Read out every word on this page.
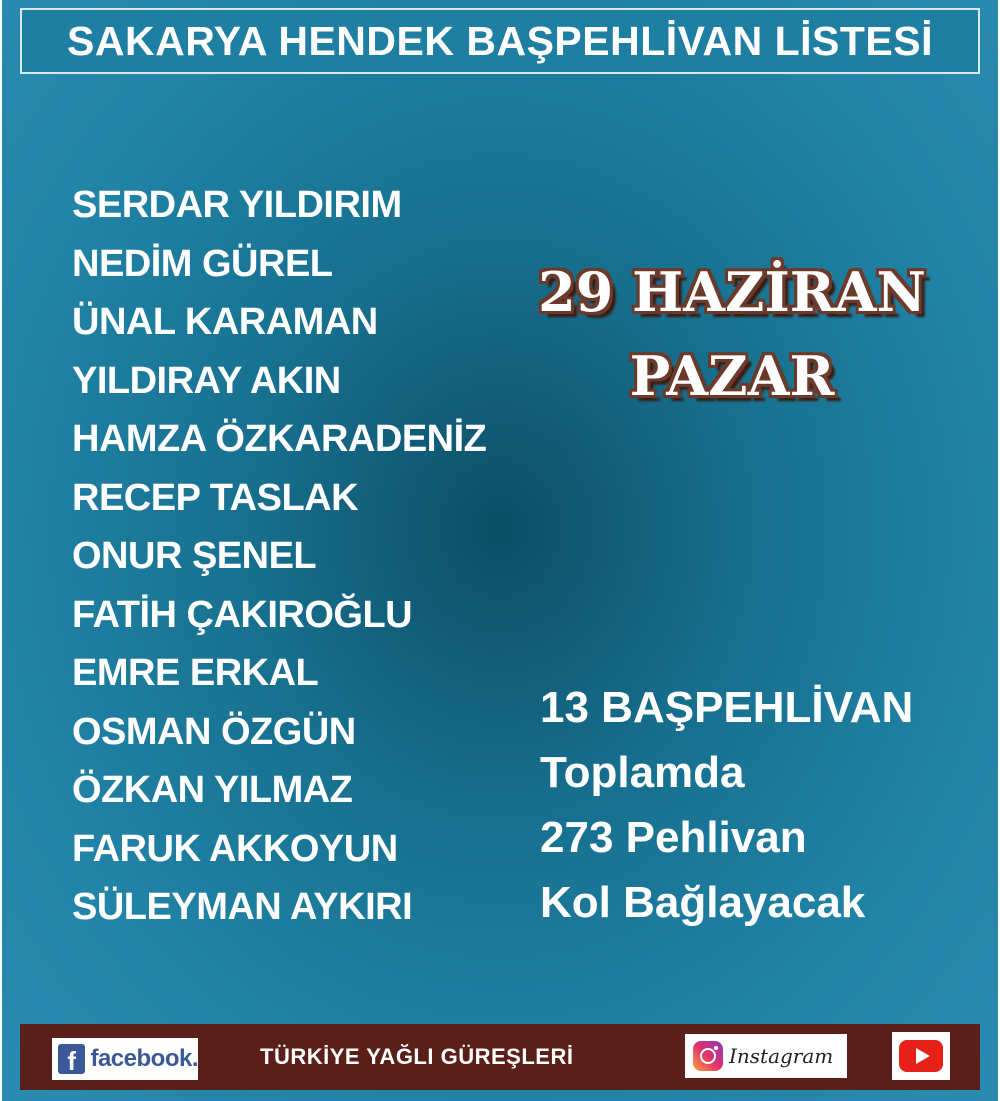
SAKARYA HENDEK BAŞPEHLİVAN LİSTESİ
SERDAR YILDIRIM
NEDİM GÜREL
ÜNAL KARAMAN
YILDIRAY AKIN
HAMZA ÖZKARADENİZ
RECEP TASLAK
ONUR ŞENEL
FATİH ÇAKIROĞLU
EMRE ERKAL
OSMAN ÖZGÜN
ÖZKAN YILMAZ
FARUK AKKOYUN
SÜLEYMAN AYKIRI
29 HAZİRAN
PAZAR
13 BAŞPEHLİVAN
Toplamda
273 Pehlivan
Kol Bağlayacak
f facebook.	TÜRKİYE YAĞLI GÜREŞLERİ	Instagram
